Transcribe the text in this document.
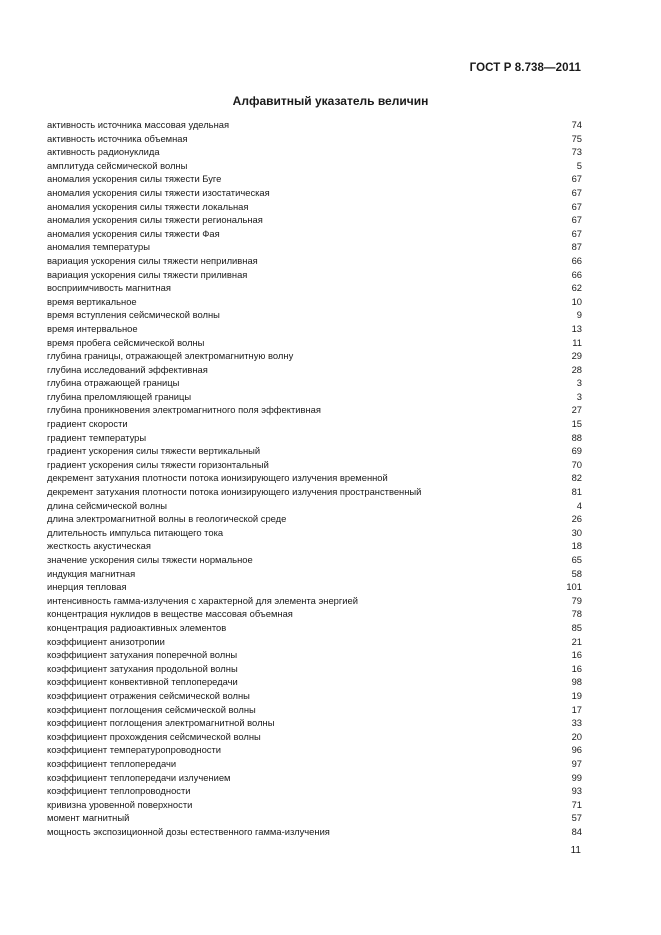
ГОСТ Р 8.738—2011
Алфавитный указатель величин
активность источника массовая удельная	74
активность источника объемная	75
активность радионуклида	73
амплитуда сейсмической волны	5
аномалия ускорения силы тяжести Буге	67
аномалия ускорения силы тяжести изостатическая	67
аномалия ускорения силы тяжести локальная	67
аномалия ускорения силы тяжести региональная	67
аномалия ускорения силы тяжести Фая	67
аномалия температуры	87
вариация ускорения силы тяжести неприливная	66
вариация ускорения силы тяжести приливная	66
восприимчивость магнитная	62
время вертикальное	10
время вступления сейсмической волны	9
время интервальное	13
время пробега сейсмической волны	11
глубина границы, отражающей электромагнитную волну	29
глубина исследований эффективная	28
глубина отражающей границы	3
глубина преломляющей границы	3
глубина проникновения электромагнитного поля эффективная	27
градиент скорости	15
градиент температуры	88
градиент ускорения силы тяжести вертикальный	69
градиент ускорения силы тяжести горизонтальный	70
декремент затухания плотности потока ионизирующего излучения временной	82
декремент затухания плотности потока ионизирующего излучения пространственный	81
длина сейсмической волны	4
длина электромагнитной волны в геологической среде	26
длительность импульса питающего тока	30
жесткость акустическая	18
значение ускорения силы тяжести нормальное	65
индукция магнитная	58
инерция тепловая	101
интенсивность гамма-излучения с характерной для элемента энергией	79
концентрация нуклидов в веществе массовая объемная	78
концентрация радиоактивных элементов	85
коэффициент анизотропии	21
коэффициент затухания поперечной волны	16
коэффициент затухания продольной волны	16
коэффициент конвективной теплопередачи	98
коэффициент отражения сейсмической волны	19
коэффициент поглощения сейсмической волны	17
коэффициент поглощения электромагнитной волны	33
коэффициент прохождения сейсмической волны	20
коэффициент температуропроводности	96
коэффициент теплопередачи	97
коэффициент теплопередачи излучением	99
коэффициент теплопроводности	93
кривизна уровенной поверхности	71
момент магнитный	57
мощность экспозиционной дозы естественного гамма-излучения	84
11
